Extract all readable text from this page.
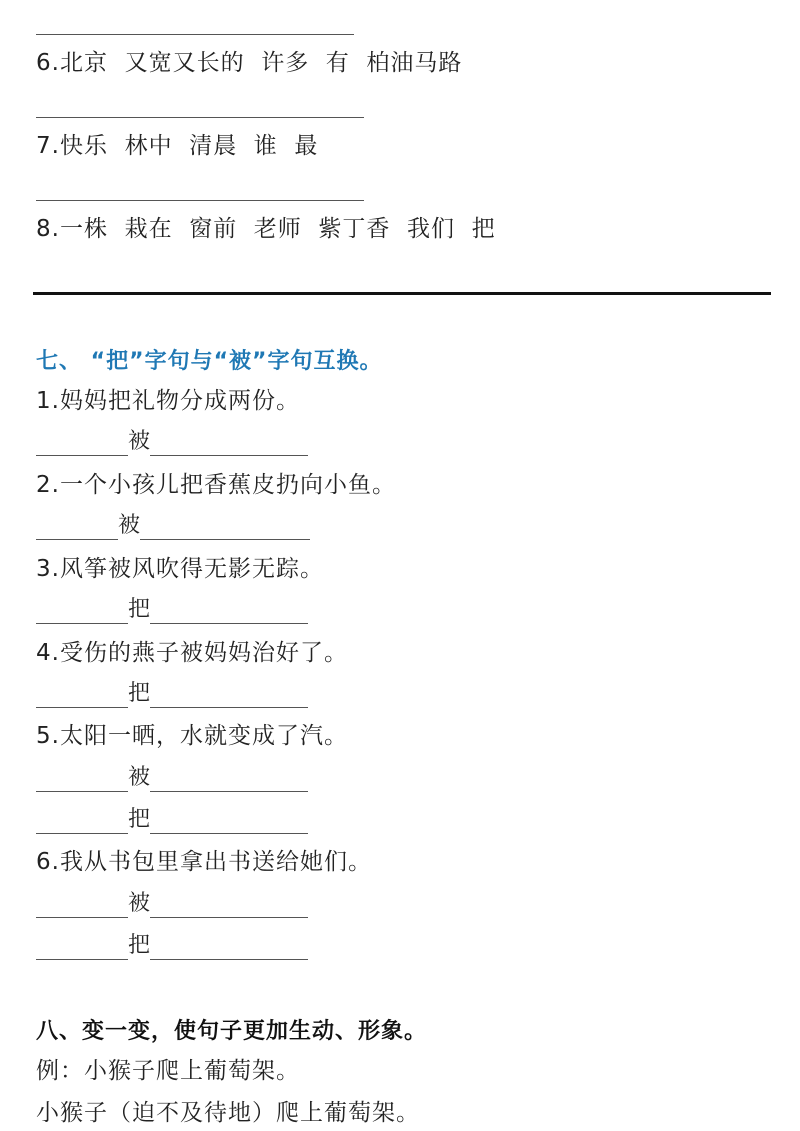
6.北京  又宽又长的  许多  有  柏油马路
7.快乐  林中  清晨  谁  最
8.一株  栽在  窗前  老师  紫丁香  我们  把
七、 “把”字句与“被”字句互换。
1.妈妈把礼物分成两份。
被
2.一个小孩儿把香蕉皮扔向小鱼。
被
3.风筝被风吹得无影无踪。
把
4.受伤的燕子被妈妈治好了。
把
5.太阳一晒，水就变成了汽。
被
把
6.我从书包里拿出书送给她们。
被
把
八、变一变，使句子更加生动、形象。
例：小猴子爬上葡萄架。
小猴子（迫不及待地）爬上葡萄架。
